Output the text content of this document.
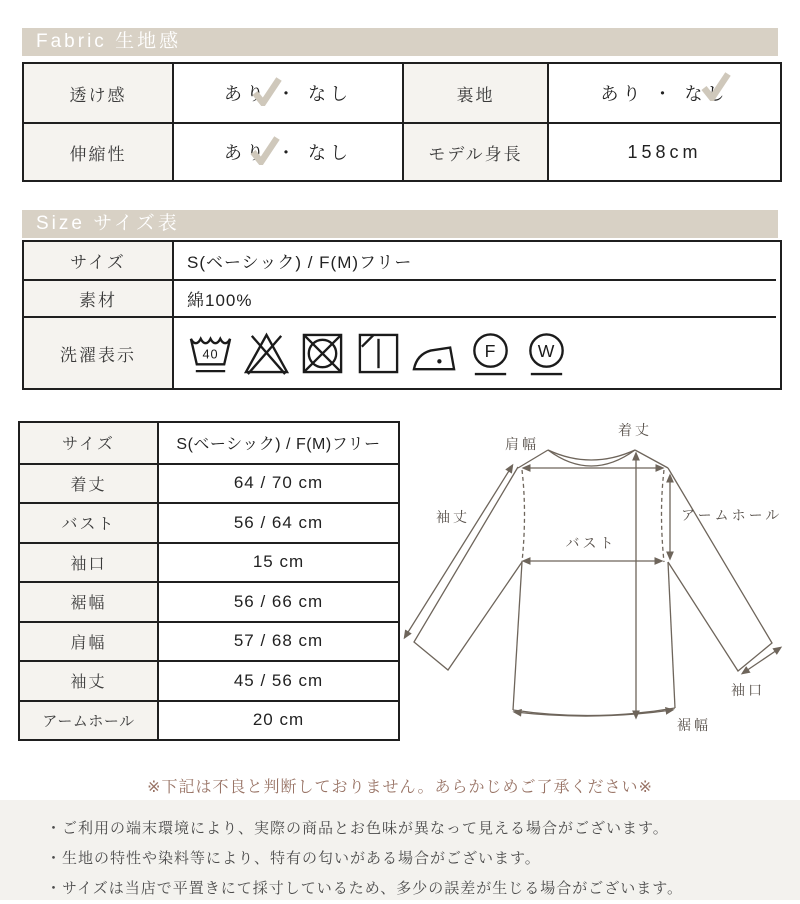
Fabric 生地感
透け感	あり ・ なし	裏地	あり ・ なし
伸縮性	あり ・ なし	モデル身長	158cm
Size サイズ表
サイズ	S(ベーシック) / F(M)フリー
素材	綿100%
洗濯表示	40	F W
サイズ	S(ベーシック) / F(M)フリー
着丈	64 / 70 cm
バスト	56 / 64 cm
袖口	15 cm
裾幅	56 / 66 cm
肩幅	57 / 68 cm
袖丈	45 / 56 cm
アームホール	20 cm
肩幅
着丈
袖丈	アームホール
バスト
袖口
裾幅
※下記は不良と判断しておりません。あらかじめご了承ください※
・ご利用の端末環境により、実際の商品とお色味が異なって見える場合がございます。
・生地の特性や染料等により、特有の匂いがある場合がございます。
・サイズは当店で平置きにて採寸しているため、多少の誤差が生じる場合がございます。
